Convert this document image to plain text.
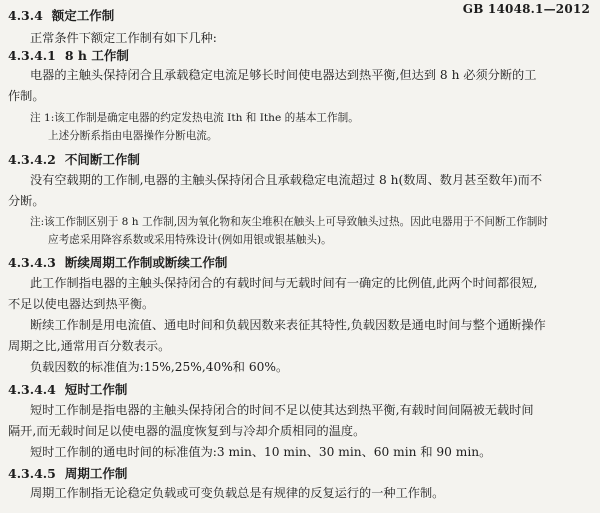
GB 14048.1—2012
4.3.4 额定工作制
正常条件下额定工作制有如下几种:
4.3.4.1 8 h 工作制
电器的主触头保持闭合且承载稳定电流足够长时间使电器达到热平衡,但达到 8 h 必须分断的工
作制。
注 1:该工作制是确定电器的约定发热电流 Ith 和 Ithe 的基本工作制。
上述分断系指由电器操作分断电流。
4.3.4.2 不间断工作制
没有空载期的工作制,电器的主触头保持闭合且承载稳定电流超过 8 h(数周、数月甚至数年)而不
分断。
注:该工作制区别于 8 h 工作制,因为氧化物和灰尘堆积在触头上可导致触头过热。因此电器用于不间断工作制时
应考虑采用降容系数或采用特殊设计(例如用银或银基触头)。
4.3.4.3 断续周期工作制或断续工作制
此工作制指电器的主触头保持闭合的有载时间与无载时间有一确定的比例值,此两个时间都很短,
不足以使电器达到热平衡。
断续工作制是用电流值、通电时间和负载因数来表征其特性,负载因数是通电时间与整个通断操作
周期之比,通常用百分数表示。
负载因数的标准值为:15%,25%,40%和 60%。
4.3.4.4 短时工作制
短时工作制是指电器的主触头保持闭合的时间不足以使其达到热平衡,有载时间间隔被无载时间
隔开,而无载时间足以使电器的温度恢复到与冷却介质相同的温度。
短时工作制的通电时间的标准值为:3 min、10 min、30 min、60 min 和 90 min。
4.3.4.5 周期工作制
周期工作制指无论稳定负载或可变负载总是有规律的反复运行的一种工作制。
